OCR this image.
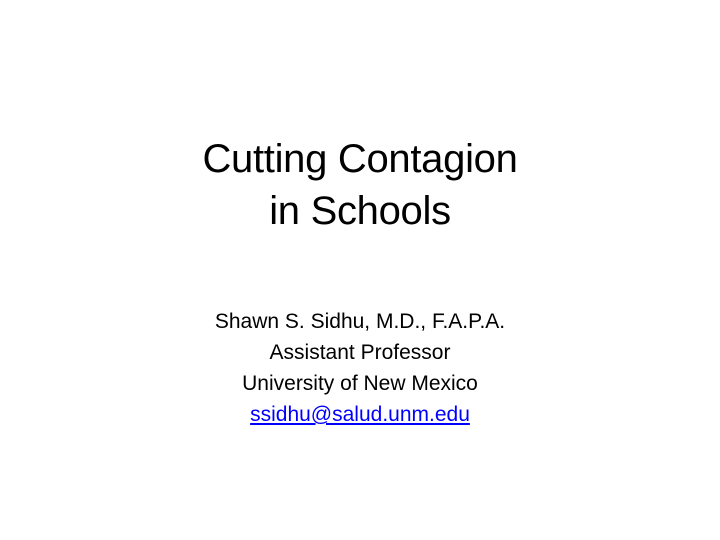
Cutting Contagion
in Schools
Shawn S. Sidhu, M.D., F.A.P.A.
Assistant Professor
University of New Mexico
ssidhu@salud.unm.edu
